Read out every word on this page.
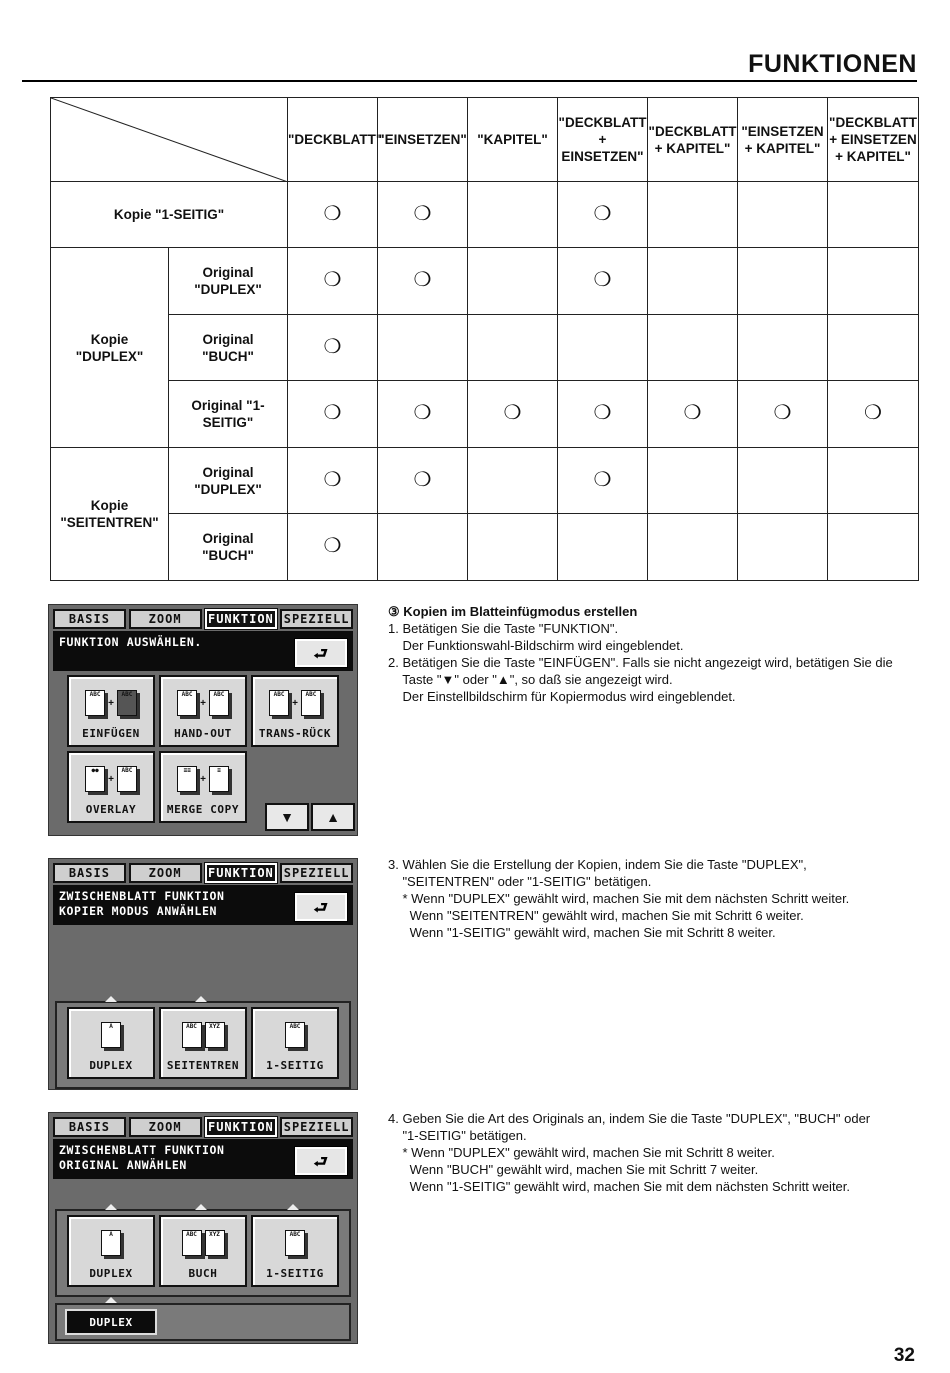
FUNKTIONEN
	"DECKBLATT"	"EINSETZEN"	"KAPITEL"	"DECKBLATT + EINSETZEN"	"DECKBLATT + KAPITEL"	"EINSETZEN + KAPITEL"	"DECKBLATT + EINSETZEN + KAPITEL"
Kopie "1-SEITIG"		❍	❍		❍			
Kopie "DUPLEX"	Original "DUPLEX"	❍	❍		❍			
	Original "BUCH"	❍						
	Original "1-SEITIG"	❍	❍	❍	❍	❍	❍	❍
Kopie "SEITENTREN"	Original "DUPLEX"	❍	❍		❍			
	Original "BUCH"	❍						
BASIS	ZOOM	FUNKTION SPEZIELL
FUNKTION AUSWÄHLEN.
⮐
ABC
+
ABC
EINFÜGEN
ABC
+
ABC
HAND-OUT
ABC
+
ABC
TRANS-RÜCK
●●
+
ABC
OVERLAY
≡≡
+
≡
MERGE COPY	▼ ▲
BASIS	ZOOM	FUNKTION SPEZIELL
ZWISCHENBLATT FUNKTION
KOPIER MODUS ANWÄHLEN	⮐
A
DUPLEX
ABC	XYZ
SEITENTREN
ABC
1-SEITIG
BASIS	ZOOM	FUNKTION SPEZIELL
ZWISCHENBLATT FUNKTION
ORIGINAL ANWÄHLEN	⮐
A
DUPLEX
ABC	XYZ
BUCH
ABC
1-SEITIG
DUPLEX
③ Kopien im Blatteinfügmodus erstellen
1. Betätigen Sie die Taste "FUNKTION".
Der Funktionswahl-Bildschirm wird eingeblendet.
2. Betätigen Sie die Taste "EINFÜGEN". Falls sie nicht angezeigt wird, betätigen Sie die
Taste "▼" oder "▲", so daß sie angezeigt wird.
Der Einstellbildschirm für Kopiermodus wird eingeblendet.
3. Wählen Sie die Erstellung der Kopien, indem Sie die Taste "DUPLEX",
"SEITENTREN" oder "1-SEITIG" betätigen.
* Wenn "DUPLEX" gewählt wird, machen Sie mit dem nächsten Schritt weiter.
Wenn "SEITENTREN" gewählt wird, machen Sie mit Schritt 6 weiter.
Wenn "1-SEITIG" gewählt wird, machen Sie mit Schritt 8 weiter.
4. Geben Sie die Art des Originals an, indem Sie die Taste "DUPLEX", "BUCH" oder
"1-SEITIG" betätigen.
* Wenn "DUPLEX" gewählt wird, machen Sie mit Schritt 8 weiter.
Wenn "BUCH" gewählt wird, machen Sie mit Schritt 7 weiter.
Wenn "1-SEITIG" gewählt wird, machen Sie mit dem nächsten Schritt weiter.
32
